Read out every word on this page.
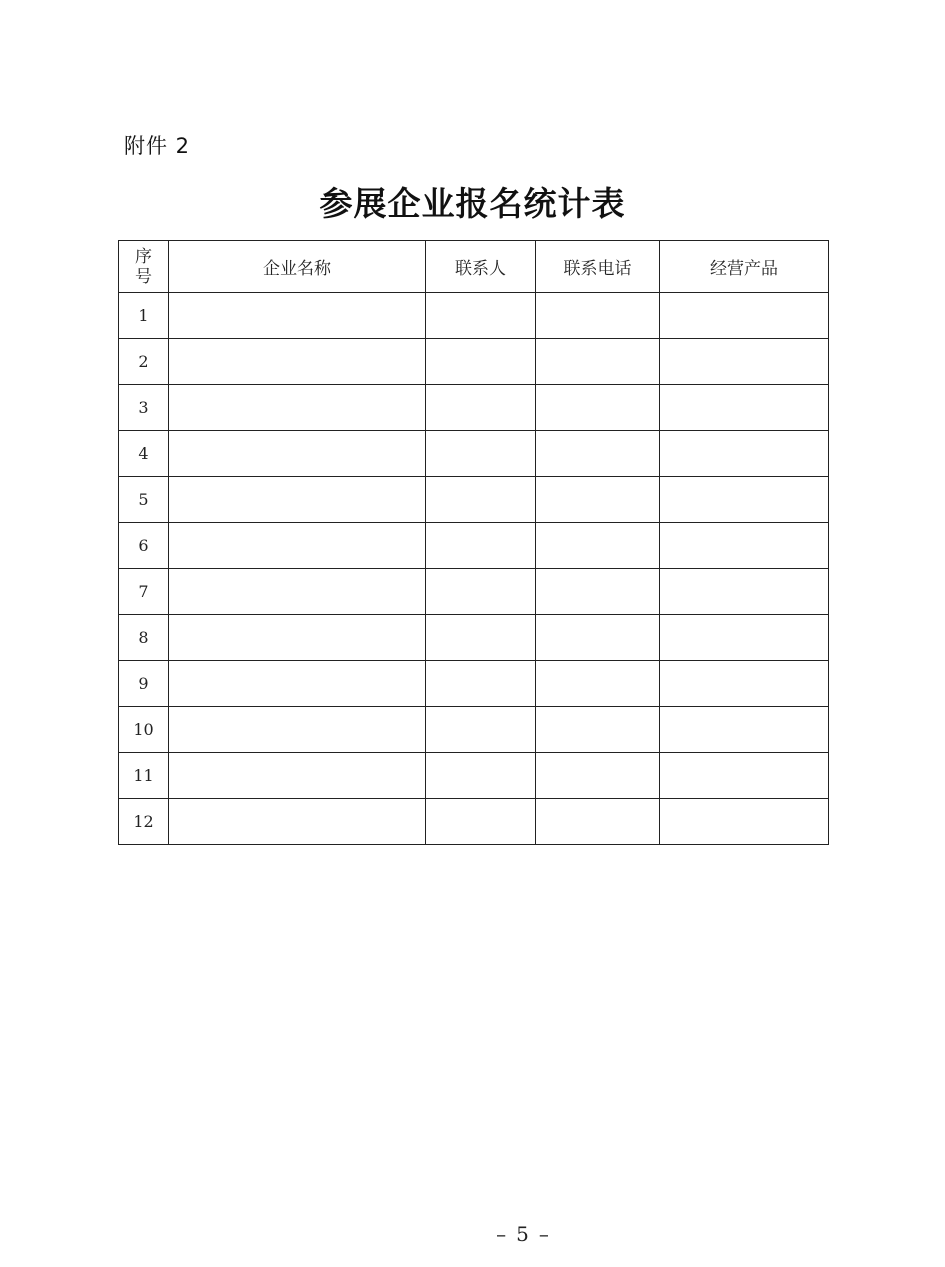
附件 2
参展企业报名统计表
序
号	企业名称	联系人	联系电话	经营产品
1				
2				
3				
4				
5				
6				
7				
8				
9				
10				
11				
12				
–5–
